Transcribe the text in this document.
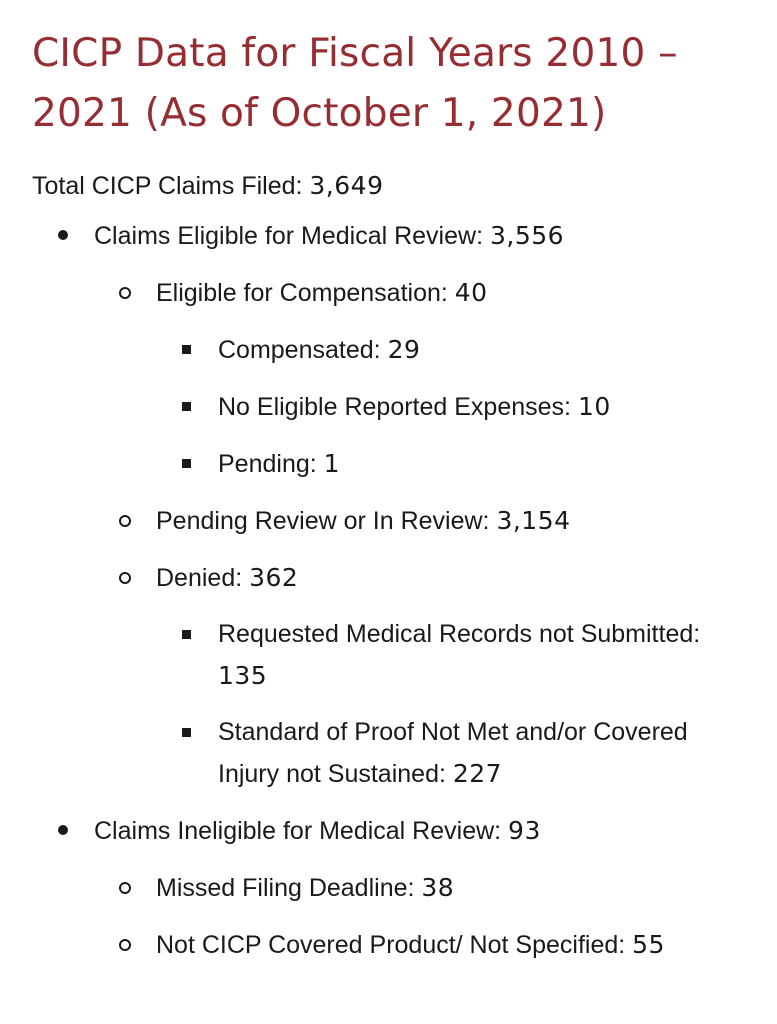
CICP Data for Fiscal Years 2010 – 2021 (As of October 1, 2021)
Total CICP Claims Filed: 3,649
Claims Eligible for Medical Review: 3,556
Eligible for Compensation: 40
Compensated: 29
No Eligible Reported Expenses: 10
Pending: 1
Pending Review or In Review: 3,154
Denied: 362
Requested Medical Records not Submitted: 135
Standard of Proof Not Met and/or Covered Injury not Sustained: 227
Claims Ineligible for Medical Review: 93
Missed Filing Deadline: 38
Not CICP Covered Product/ Not Specified: 55
